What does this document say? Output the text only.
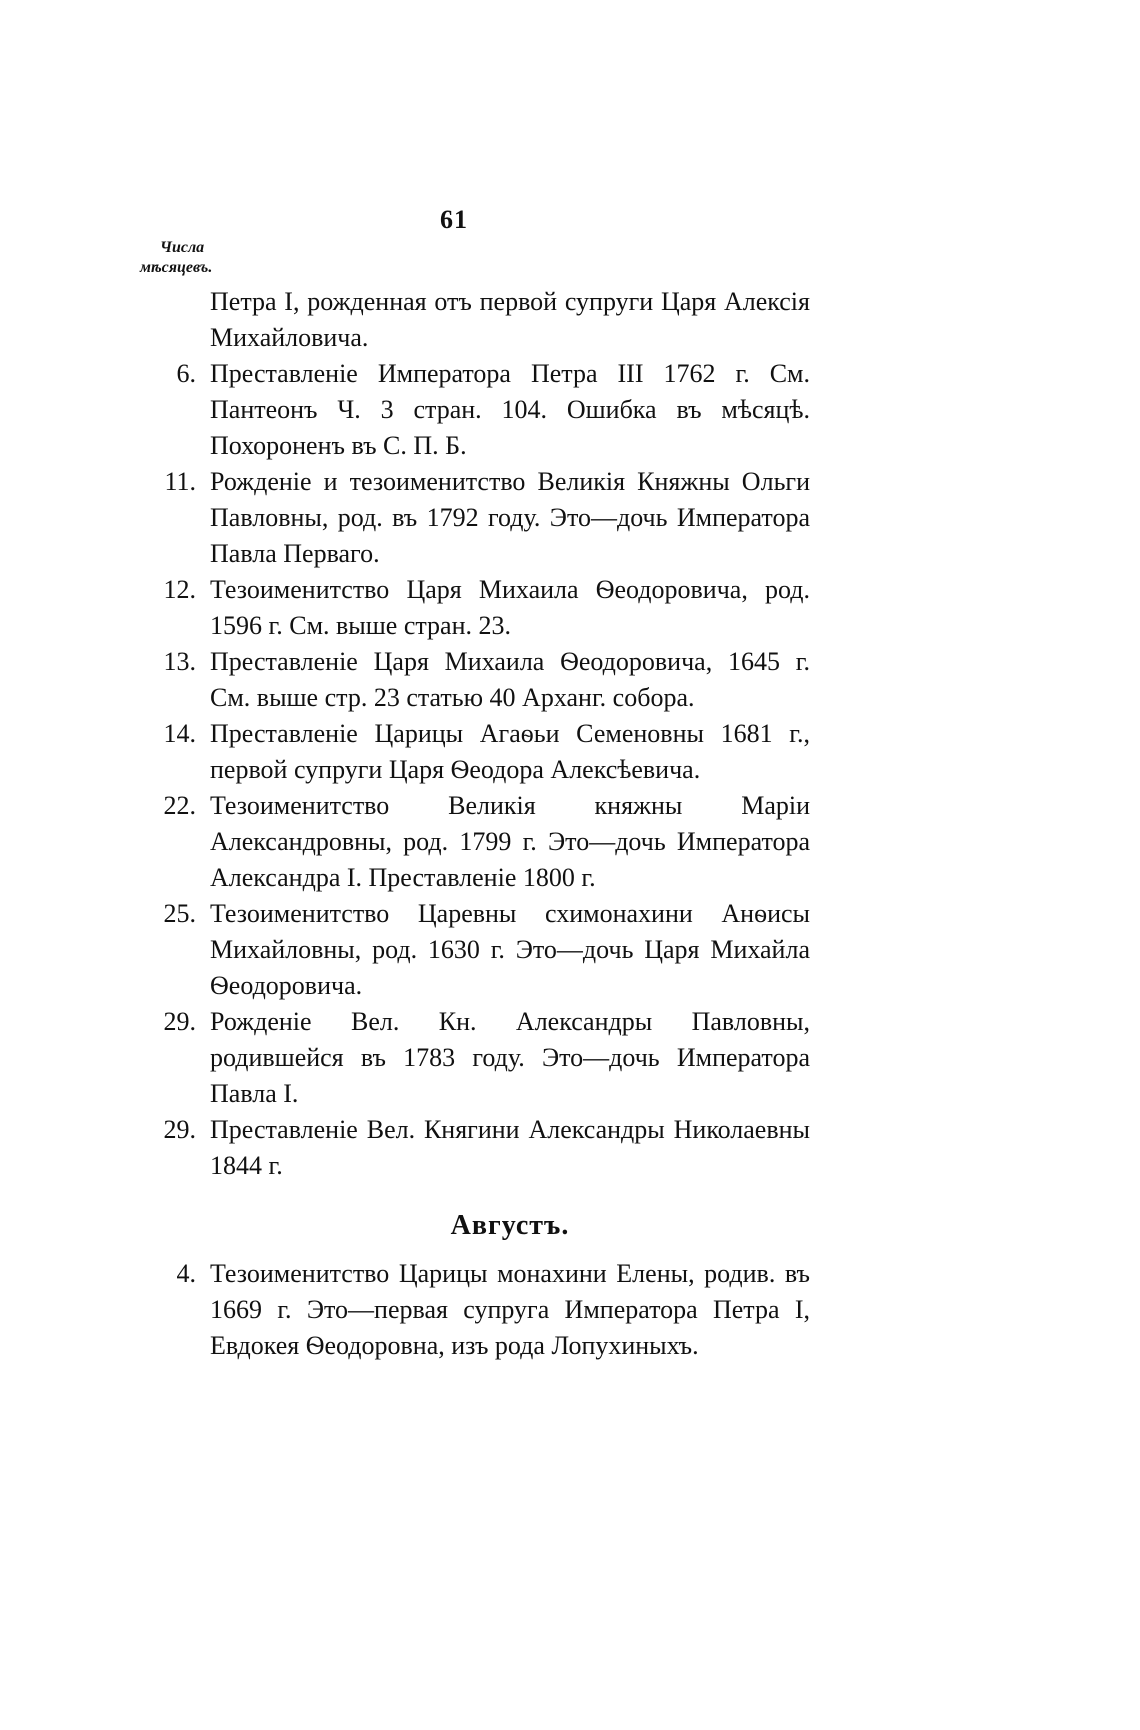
61
Числа
мѣсяцевъ.
Петра I, рожденная отъ первой супруги Царя Алексія Михайловича.
6. Преставленіе Императора Петра III 1762 г. См. Пантеонъ Ч. 3 стран. 104. Ошибка въ мѣсяцѣ. Похороненъ въ С. П. Б.
11. Рожденіе и тезоименитство Великія Княжны Ольги Павловны, род. въ 1792 году. Это—дочь Императора Павла Перваго.
12. Тезоименитство Царя Михаила Ѳеодоровича, род. 1596 г. См. выше стран. 23.
13. Преставленіе Царя Михаила Ѳеодоровича, 1645 г. См. выше стр. 23 статью 40 Арханг. собора.
14. Преставленіе Царицы Агаѳьи Семеновны 1681 г., первой супруги Царя Ѳеодора Алексѣевича.
22. Тезоименитство Великія княжны Маріи Александровны, род. 1799 г. Это—дочь Императора Александра I. Преставленіе 1800 г.
25. Тезоименитство Царевны схимонахини Анѳисы Михайловны, род. 1630 г. Это—дочь Царя Михайла Ѳеодоровича.
29. Рожденіе Вел. Кн. Александры Павловны, родившейся въ 1783 году. Это—дочь Императора Павла I.
29. Преставленіе Вел. Княгини Александры Николаевны 1844 г.
Августъ.
4. Тезоименитство Царицы монахини Елены, родив. въ 1669 г. Это—первая супруга Императора Петра I, Евдокея Ѳеодоровна, изъ рода Лопухиныхъ.
